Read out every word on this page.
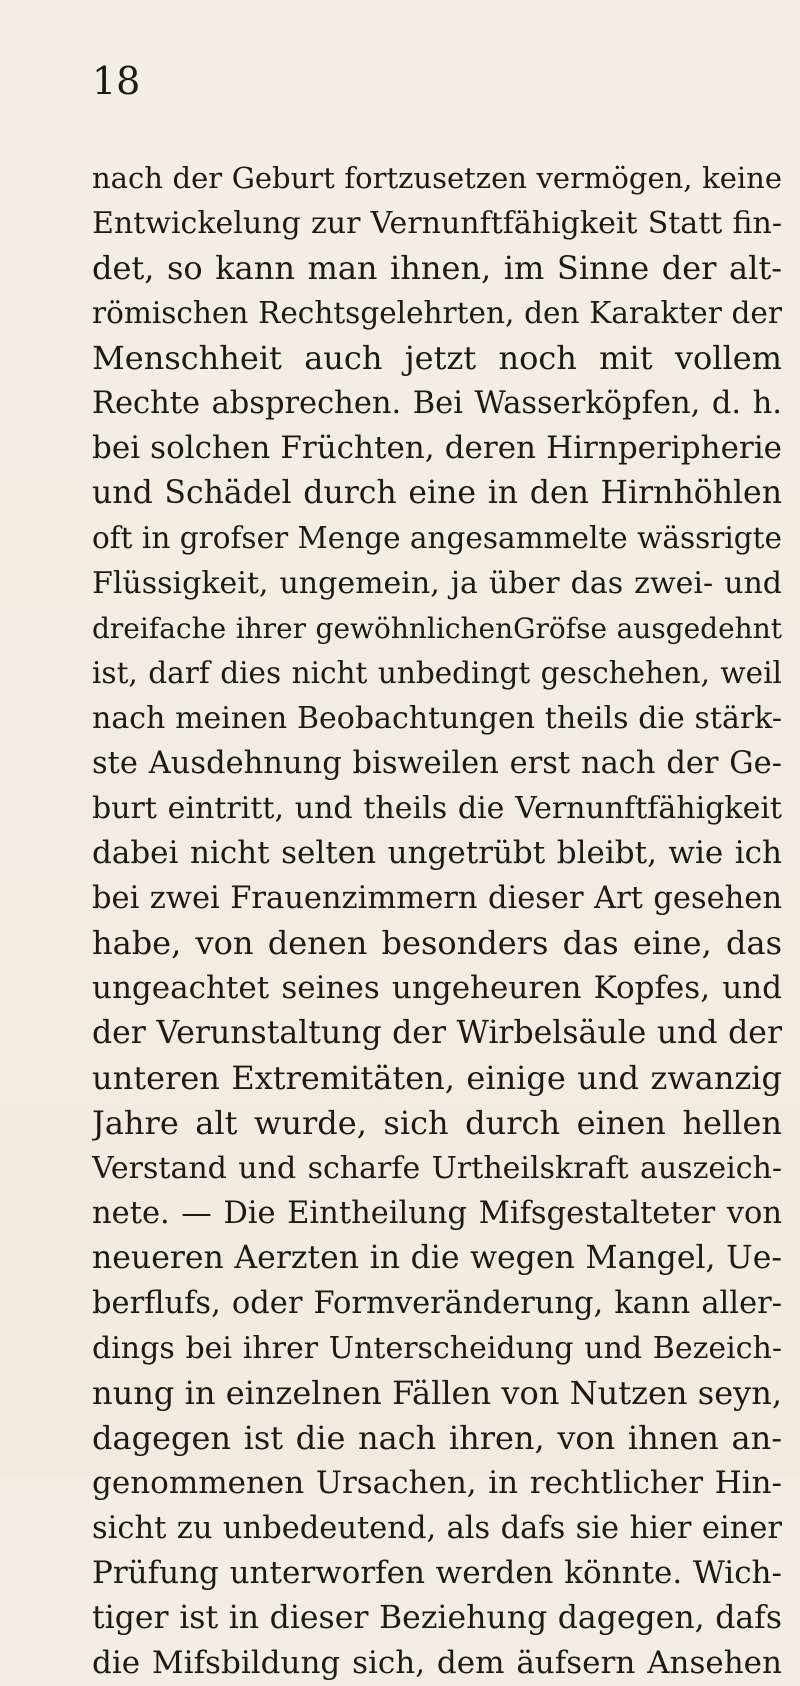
18
nach der Geburt fortzusetzen vermögen, keine
Entwickelung zur Vernunftfähigkeit Statt fin-
det, so kann man ihnen, im Sinne der alt-
römischen Rechtsgelehrten, den Karakter der
Menschheit auch jetzt noch mit vollem
Rechte absprechen. Bei Wasserköpfen, d. h.
bei solchen Früchten, deren Hirnperipherie
und Schädel durch eine in den Hirnhöhlen
oft in grofser Menge angesammelte wässrigte
Flüssigkeit, ungemein, ja über das zwei- und
dreifache ihrer gewöhnlichenGröfse ausgedehnt
ist, darf dies nicht unbedingt geschehen, weil
nach meinen Beobachtungen theils die stärk-
ste Ausdehnung bisweilen erst nach der Ge-
burt eintritt, und theils die Vernunftfähigkeit
dabei nicht selten ungetrübt bleibt, wie ich
bei zwei Frauenzimmern dieser Art gesehen
habe, von denen besonders das eine, das
ungeachtet seines ungeheuren Kopfes, und
der Verunstaltung der Wirbelsäule und der
unteren Extremitäten, einige und zwanzig
Jahre alt wurde, sich durch einen hellen
Verstand und scharfe Urtheilskraft auszeich-
nete. — Die Eintheilung Mifsgestalteter von
neueren Aerzten in die wegen Mangel, Ue-
berflufs, oder Formveränderung, kann aller-
dings bei ihrer Unterscheidung und Bezeich-
nung in einzelnen Fällen von Nutzen seyn,
dagegen ist die nach ihren, von ihnen an-
genommenen Ursachen, in rechtlicher Hin-
sicht zu unbedeutend, als dafs sie hier einer
Prüfung unterworfen werden könnte. Wich-
tiger ist in dieser Beziehung dagegen, dafs
die Mifsbildung sich, dem äufsern Ansehen
